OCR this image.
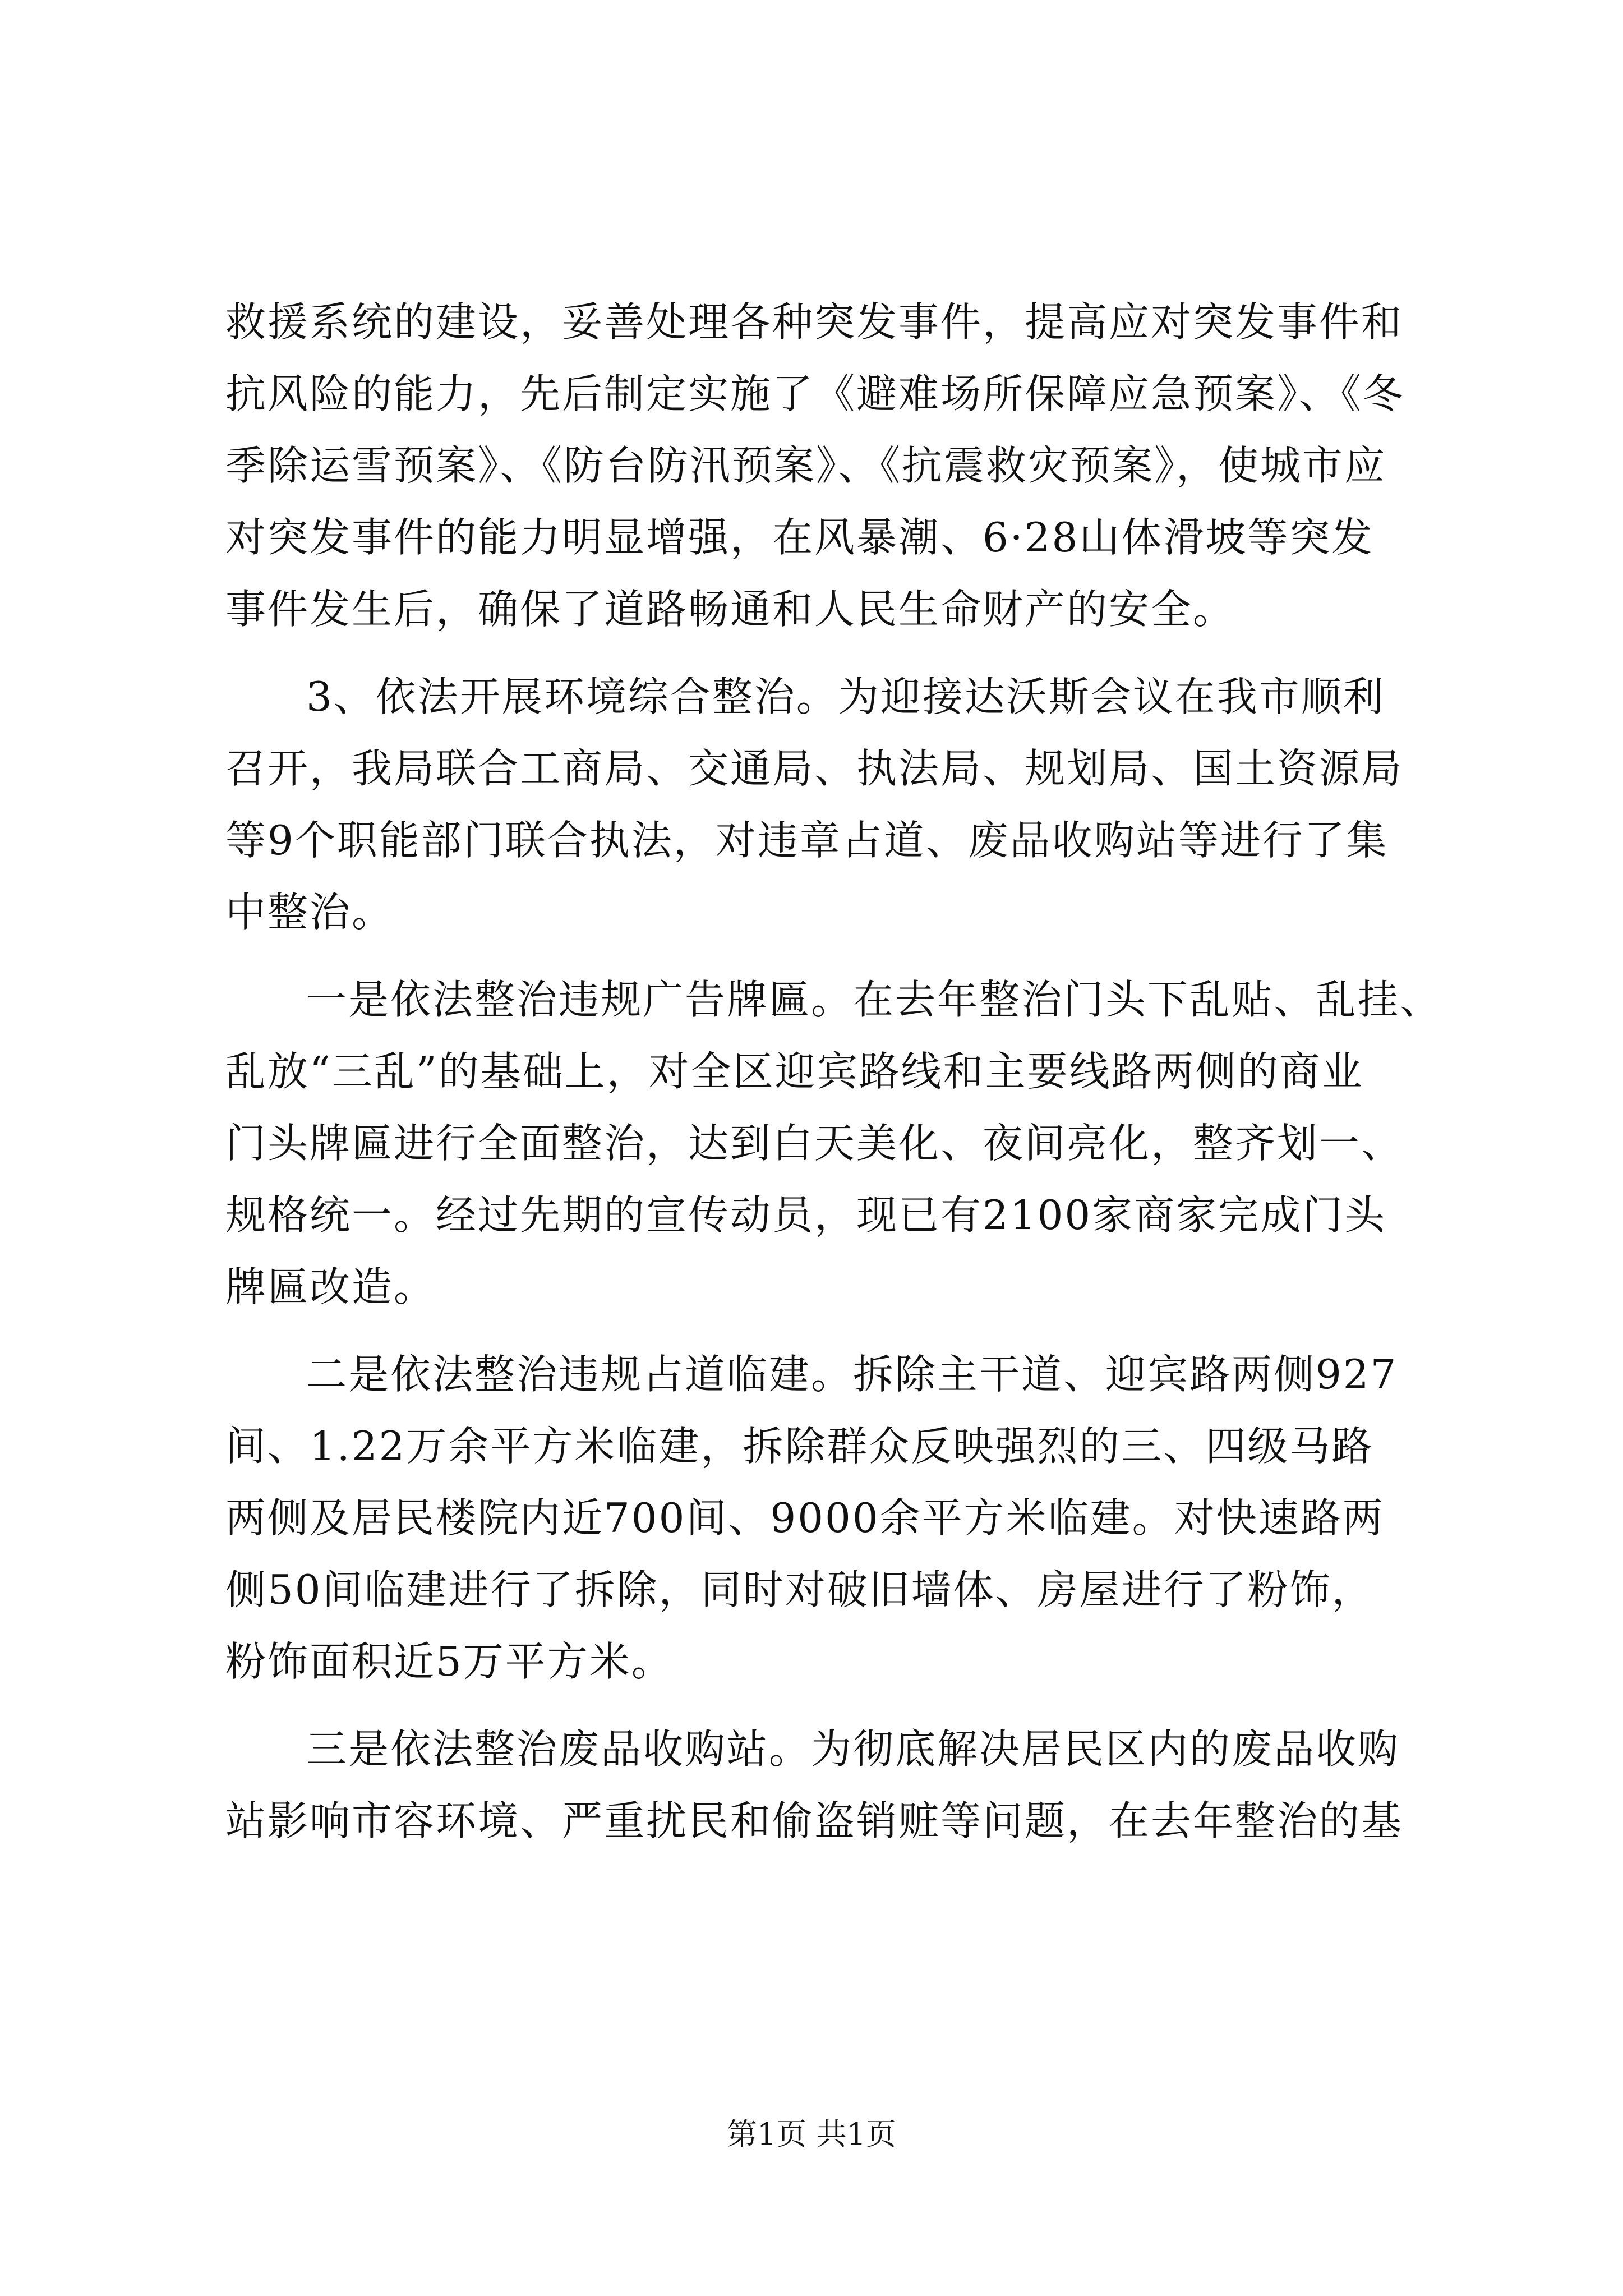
救援系统的建设，妥善处理各种突发事件，提高应对突发事件和

抗风险的能力，先后制定实施了《避难场所保障应急预案》、《冬

季除运雪预案》、《防台防汛预案》、《抗震救灾预案》，使城市应

对突发事件的能力明显增强，在风暴潮、6·28山体滑坡等突发

事件发生后，确保了道路畅通和人民生命财产的安全。

3、依法开展环境综合整治。为迎接达沃斯会议在我市顺利

召开，我局联合工商局、交通局、执法局、规划局、国土资源局

等9个职能部门联合执法，对违章占道、废品收购站等进行了集

中整治。

一是依法整治违规广告牌匾。在去年整治门头下乱贴、乱挂、

乱放“三乱”的基础上，对全区迎宾路线和主要线路两侧的商业

门头牌匾进行全面整治，达到白天美化、夜间亮化，整齐划一、

规格统一。经过先期的宣传动员，现已有2100家商家完成门头

牌匾改造。

二是依法整治违规占道临建。拆除主干道、迎宾路两侧927

间、1.22万余平方米临建，拆除群众反映强烈的三、四级马路

两侧及居民楼院内近700间、9000余平方米临建。对快速路两

侧50间临建进行了拆除，同时对破旧墙体、房屋进行了粉饰，

粉饰面积近5万平方米。

三是依法整治废品收购站。为彻底解决居民区内的废品收购

站影响市容环境、严重扰民和偷盗销赃等问题，在去年整治的基

第1页 共1页
